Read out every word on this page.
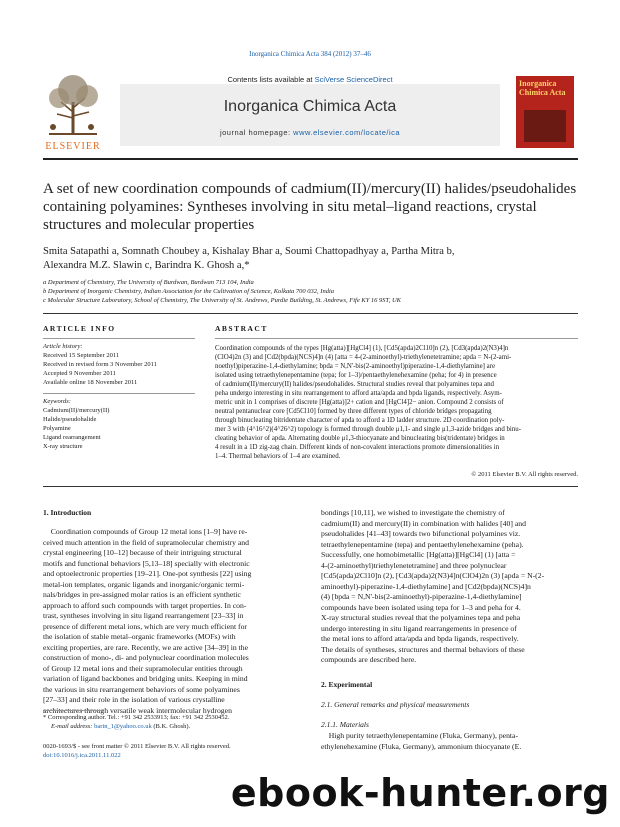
Inorganica Chimica Acta 384 (2012) 37–46
ELSEVIER
Contents lists available at SciVerse ScienceDirect
Inorganica Chimica Acta
journal homepage: www.elsevier.com/locate/ica
Inorganica Chimica Acta
A set of new coordination compounds of cadmium(II)/mercury(II) halides/pseudohalides containing polyamines: Syntheses involving in situ metal–ligand reactions, crystal structures and molecular properties
Smita Satapathi a, Somnath Choubey a, Kishalay Bhar a, Soumi Chattopadhyay a, Partha Mitra b,
Alexandra M.Z. Slawin c, Barindra K. Ghosh a,*
a Department of Chemistry, The University of Burdwan, Burdwan 713 104, India
b Department of Inorganic Chemistry, Indian Association for the Cultivation of Science, Kolkata 700 032, India
c Molecular Structure Laboratory, School of Chemistry, The University of St. Andrews, Purdie Building, St. Andrews, Fife KY 16 9ST, UK
ARTICLE INFO
Article history:
Received 15 September 2011
Received in revised form 3 November 2011
Accepted 9 November 2011
Available online 18 November 2011
Keywords:
Cadmium(II)/mercury(II)
Halide/pseudohalide
Polyamine
Ligand rearrangement
X-ray structure
ABSTRACT
Coordination compounds of the types [Hg(atta)][HgCl4] (1), [Cd5(apda)2Cl10]n (2), [Cd3(apda)2(N3)4]n
(ClO4)2n (3) and [Cd2(bpda)(NCS)4]n (4) [atta = 4-(2-aminoethyl)-triethylenetetramine; apda = N-(2-ami-
noethyl)piperazine-1,4-diethylamine; bpda = N,N'-bis(2-aminoethyl)piperazine-1,4-diethylamine] are
isolated using tetraethylenepentamine (tepa; for 1–3)/pentaethylenehexamine (peha; for 4) in presence
of cadmium(II)/mercury(II) halides/pseudohalides. Structural studies reveal that polyamines tepa and
peha undergo interesting in situ rearrangement to afford atta/apda and bpda ligands, respectively. Asym-
metric unit in 1 comprises of discrete [Hg(atta)]2+ cation and [HgCl4]2− anion. Compound 2 consists of
neutral pentanuclear core [Cd5Cl10] formed by three different types of chloride bridges propagating
through binucleating bitridentate character of apda to afford a 1D ladder structure. 2D coordination poly-
mer 3 with (4^16^2)(4^26^2) topology is formed through double μ1,1- and single μ1,3-azide bridges and binu-
cleating behavior of apda. Alternating double μ1,3-thiocyanate and binucleating bis(tridentate) bridges in
4 result in a 1D zig-zag chain. Different kinds of non-covalent interactions promote dimensionalities in
1–4. Thermal behaviors of 1–4 are examined.
© 2011 Elsevier B.V. All rights reserved.
1. Introduction
Coordination compounds of Group 12 metal ions [1–9] have re-
ceived much attention in the field of supramolecular chemistry and
crystal engineering [10–12] because of their intriguing structural
motifs and functional behaviors [5,13–18] specially with electronic
and optoelectronic properties [19–21]. One-pot synthesis [22] using
metal-ion templates, organic ligands and inorganic/organic termi-
nals/bridges in pre-assigned molar ratios is an efficient synthetic
approach to afford such compounds with target properties. In con-
trast, syntheses involving in situ ligand rearrangement [23–33] in
presence of different metal ions, which are very much efficient for
the isolation of stable metal–organic frameworks (MOFs) with
exciting properties, are rare. Recently, we are active [34–39] in the
construction of mono-, di- and polynuclear coordination molecules
of Group 12 metal ions and their supramolecular entities through
variation of ligand backbones and bridging units. Keeping in mind
the various in situ rearrangement behaviors of some polyamines
[27–33] and their role in the isolation of various crystalline
architectures through versatile weak intermolecular hydrogen
* Corresponding author. Tel.: +91 342 2533913; fax: +91 342 2530452.
E-mail address: barin_1@yahoo.co.uk (B.K. Ghosh).
0020-1693/$ - see front matter © 2011 Elsevier B.V. All rights reserved.
doi:10.1016/j.ica.2011.11.022
bondings [10,11], we wished to investigate the chemistry of
cadmium(II) and mercury(II) in combination with halides [40] and
pseudohalides [41–43] towards two bifunctional polyamines viz.
tetraethylenepentamine (tepa) and pentaethylenehexamine (peha).
Successfully, one homobimetallic [Hg(atta)][HgCl4] (1) [atta =
4-(2-aminoethyl)triethylenetetramine] and three polynuclear
[Cd5(apda)2Cl10]n (2), [Cd3(apda)2(N3)4]n(ClO4)2n (3) [apda = N-(2-
aminoethyl)-piperazine-1,4-diethylamine] and [Cd2(bpda)(NCS)4]n
(4) [bpda = N,N'-bis(2-aminoethyl)-piperazine-1,4-diethylamine]
compounds have been isolated using tepa for 1–3 and peha for 4.
X-ray structural studies reveal that the polyamines tepa and peha
undergo interesting in situ ligand rearrangements in presence of
the metal ions to afford atta/apda and bpda ligands, respectively.
The details of syntheses, structures and thermal behaviors of these
compounds are described here.
2. Experimental
2.1. General remarks and physical measurements
2.1.1. Materials
High purity tetraethylenepentamine (Fluka, Germany), penta-
ethylenehexamine (Fluka, Germany), ammonium thiocyanate (E.
ebook-hunter.org
